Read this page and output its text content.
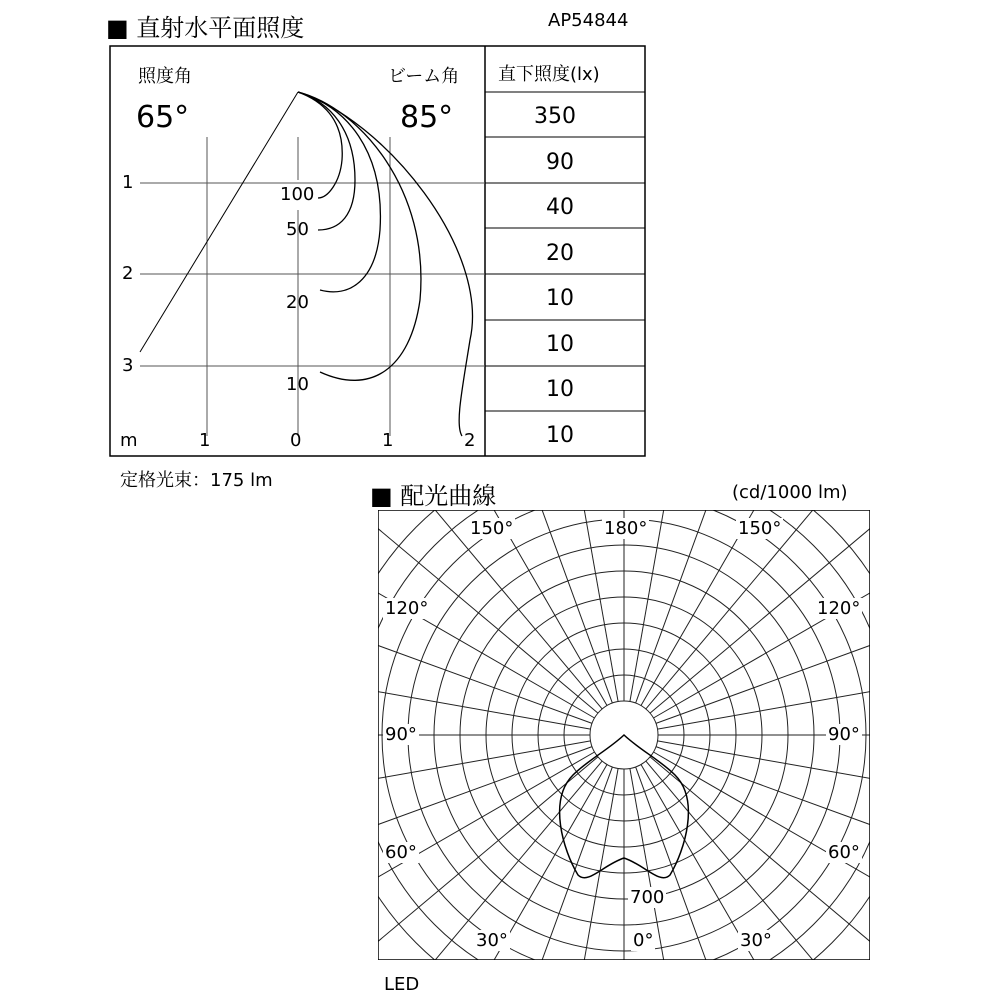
■ 直射水平面照度	AP54844
照度角	ビーム角
65°	85°
直下照度(lx)
350
90
40
20
10
10
10
10
1
2
3
m	1	0	1	2
100
50
20
10
定格光束：175 lm
■ 配光曲線	(cd/1000 lm)
150°	180°	150°
120°	120°
90°	90°
60°	60°
30°	0°	30°
700
LED
